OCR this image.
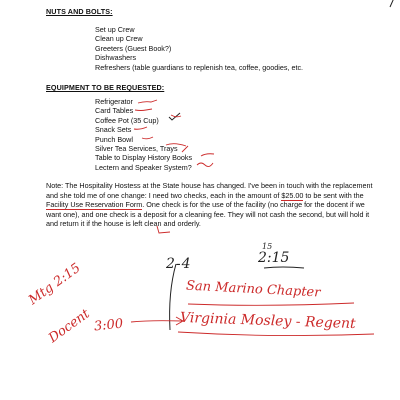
NUTS AND BOLTS:
Set up Crew
Clean up Crew
Greeters (Guest Book?)
Dishwashers
Refreshers (table guardians to replenish tea, coffee, goodies, etc.
EQUIPMENT TO BE REQUESTED:
Refrigerator
Card Tables
Coffee Pot (35 Cup)
Snack Sets
Punch Bowl
Silver Tea Services, Trays
Table to Display History Books
Lectern and Speaker System?

Note: The Hospitality Hostess at the State house has changed. I've been in touch with the replacement and she told me of one change: I need two checks, each in the amount of $25.00 to be sent with the Facility Use Reservation Form. One check is for the use of the facility (no charge for the docent if we want one), and one check is a deposit for a cleaning fee. They will not cash the second, but will hold it and return it if the house is left clean and orderly.

2-4
15
2:15
San Marino Chapter
Virginia Mosley - Regent
Mtg 2:15
Docent 3:00
